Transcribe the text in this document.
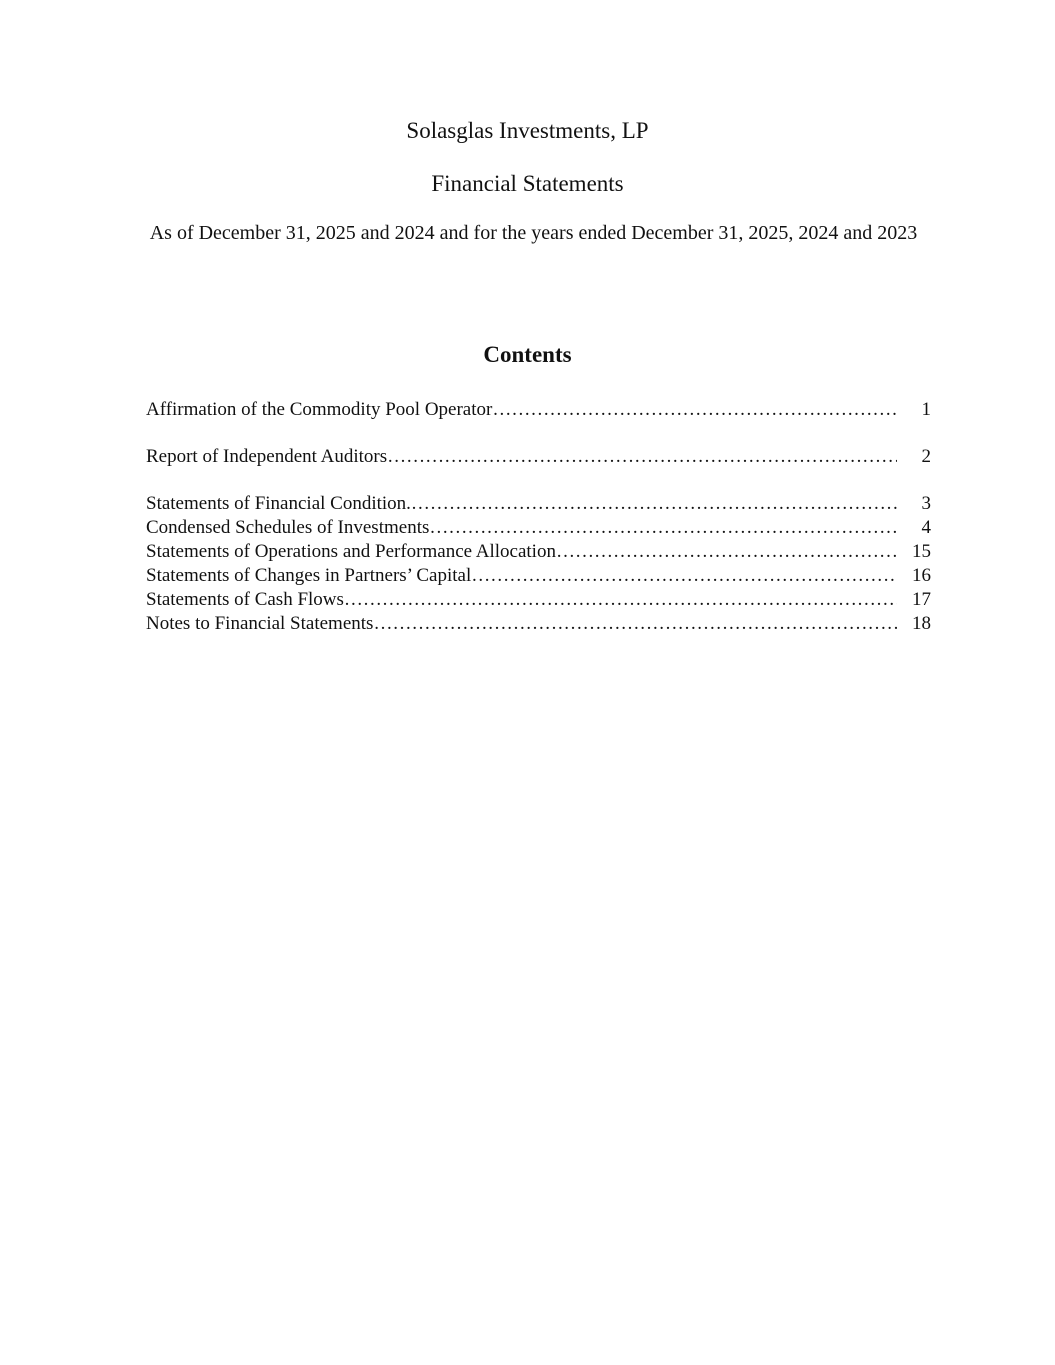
Solasglas Investments, LP
Financial Statements
As of December 31, 2025 and 2024 and for the years ended December 31, 2025, 2024 and 2023
Contents
Affirmation of the Commodity Pool Operator …………………………………………………………………………………………………………………………………………………………	1
Report of Independent Auditors …………………………………………………………………………………………………………………………………………………………	2
Statements of Financial Condition. …………………………………………………………………………………………………………………………………………………………	3
Condensed Schedules of Investments …………………………………………………………………………………………………………………………………………………………	4
Statements of Operations and Performance Allocation …………………………………………………………………………………………………………………………………………………………	15
Statements of Changes in Partners’ Capital …………………………………………………………………………………………………………………………………………………………	16
Statements of Cash Flows …………………………………………………………………………………………………………………………………………………………	17
Notes to Financial Statements …………………………………………………………………………………………………………………………………………………………	18
